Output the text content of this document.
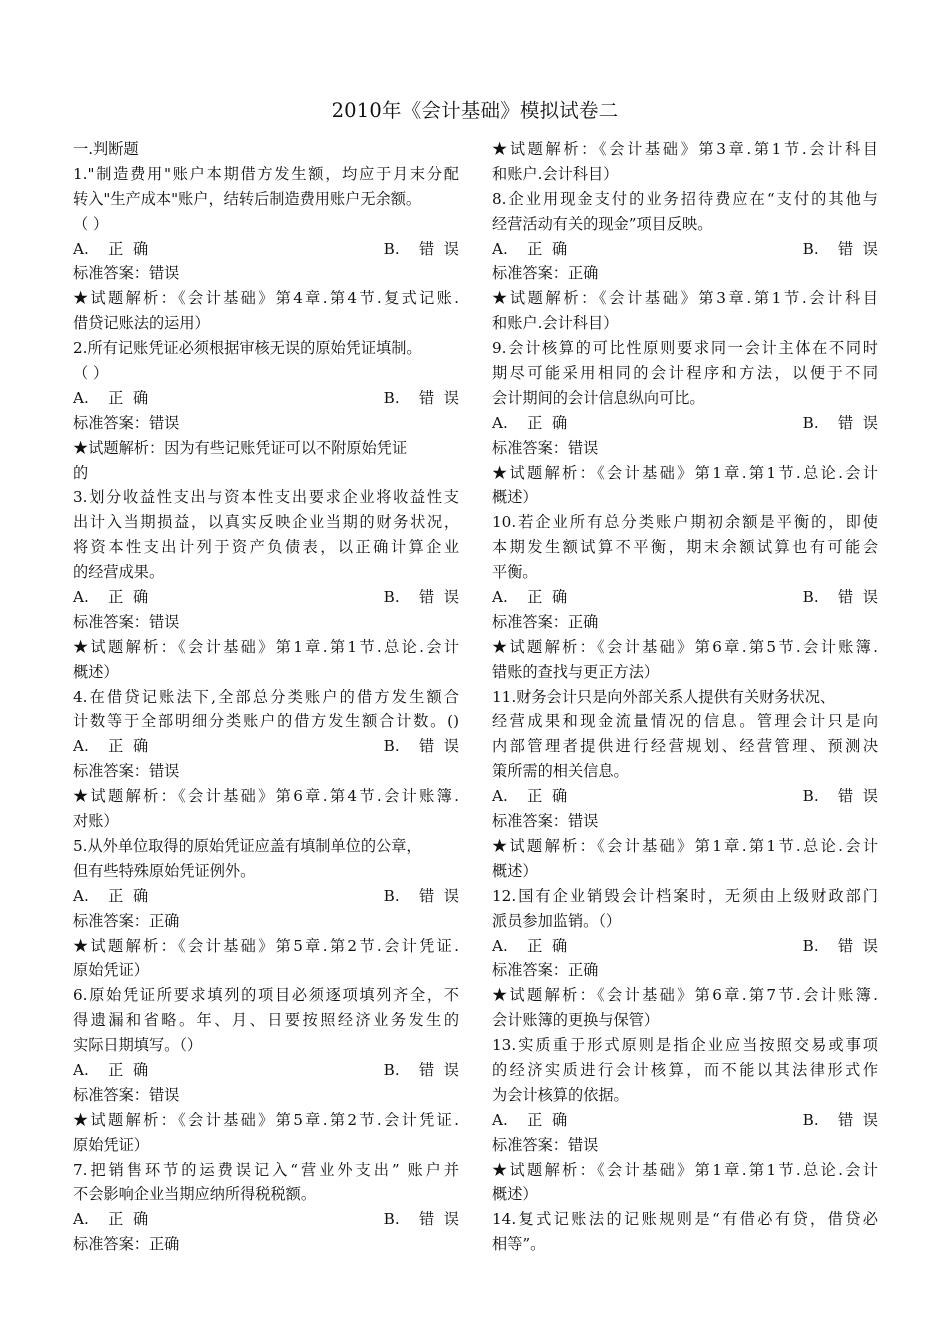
2010年《会计基础》模拟试卷二
一.判断题
1."制造费用"账户本期借方发生额，均应于月末分配
转入"生产成本"账户，结转后制造费用账户无余额。
（ ）
A.    正  确	B.    错  误
标准答案：错误
★试题解析：《会计基础》第4章.第4节.复式记账.
借贷记账法的运用）
2.所有记账凭证必须根据审核无误的原始凭证填制。
（ ）
A.    正  确	B.    错  误
标准答案：错误
★试题解析：因为有些记账凭证可以不附原始凭证
的
3.划分收益性支出与资本性支出要求企业将收益性支
出计入当期损益，以真实反映企业当期的财务状况，
将资本性支出计列于资产负债表，以正确计算企业
的经营成果。
A.    正  确	B.    错  误
标准答案：错误
★试题解析：《会计基础》第1章.第1节.总论.会计
概述）
4.在借贷记账法下,全部总分类账户的借方发生额合
计数等于全部明细分类账户的借方发生额合计数。()
A.    正  确	B.    错  误
标准答案：错误
★试题解析：《会计基础》第6章.第4节.会计账簿.
对账）
5.从外单位取得的原始凭证应盖有填制单位的公章，
但有些特殊原始凭证例外。
A.    正  确	B.    错  误
标准答案：正确
★试题解析：《会计基础》第5章.第2节.会计凭证.
原始凭证）
6.原始凭证所要求填列的项目必须逐项填列齐全，不
得遗漏和省略。年、月、日要按照经济业务发生的
实际日期填写。（）
A.    正  确	B.    错  误
标准答案：错误
★试题解析：《会计基础》第5章.第2节.会计凭证.
原始凭证）
7.把销售环节的运费误记入“营业外支出” 账户并
不会影响企业当期应纳所得税税额。
A.    正  确	B.    错  误
标准答案：正确
★试题解析：《会计基础》第3章.第1节.会计科目
和账户.会计科目）
8.企业用现金支付的业务招待费应在“支付的其他与
经营活动有关的现金”项目反映。
A.    正  确	B.    错  误
标准答案：正确
★试题解析：《会计基础》第3章.第1节.会计科目
和账户.会计科目）
9.会计核算的可比性原则要求同一会计主体在不同时
期尽可能采用相同的会计程序和方法，以便于不同
会计期间的会计信息纵向可比。
A.    正  确	B.    错  误
标准答案：错误
★试题解析：《会计基础》第1章.第1节.总论.会计
概述）
10.若企业所有总分类账户期初余额是平衡的，即使
本期发生额试算不平衡，期末余额试算也有可能会
平衡。
A.    正  确	B.    错  误
标准答案：正确
★试题解析：《会计基础》第6章.第5节.会计账簿.
错账的查找与更正方法）
11.财务会计只是向外部关系人提供有关财务状况、
经营成果和现金流量情况的信息。管理会计只是向
内部管理者提供进行经营规划、经营管理、预测决
策所需的相关信息。
A.    正  确	B.    错  误
标准答案：错误
★试题解析：《会计基础》第1章.第1节.总论.会计
概述）
12.国有企业销毁会计档案时，无须由上级财政部门
派员参加监销。（）
A.    正  确	B.    错  误
标准答案：正确
★试题解析：《会计基础》第6章.第7节.会计账簿.
会计账簿的更换与保管）
13.实质重于形式原则是指企业应当按照交易或事项
的经济实质进行会计核算，而不能以其法律形式作
为会计核算的依据。
A.    正  确	B.    错  误
标准答案：错误
★试题解析：《会计基础》第1章.第1节.总论.会计
概述）
14.复式记账法的记账规则是“有借必有贷，借贷必
相等”。
